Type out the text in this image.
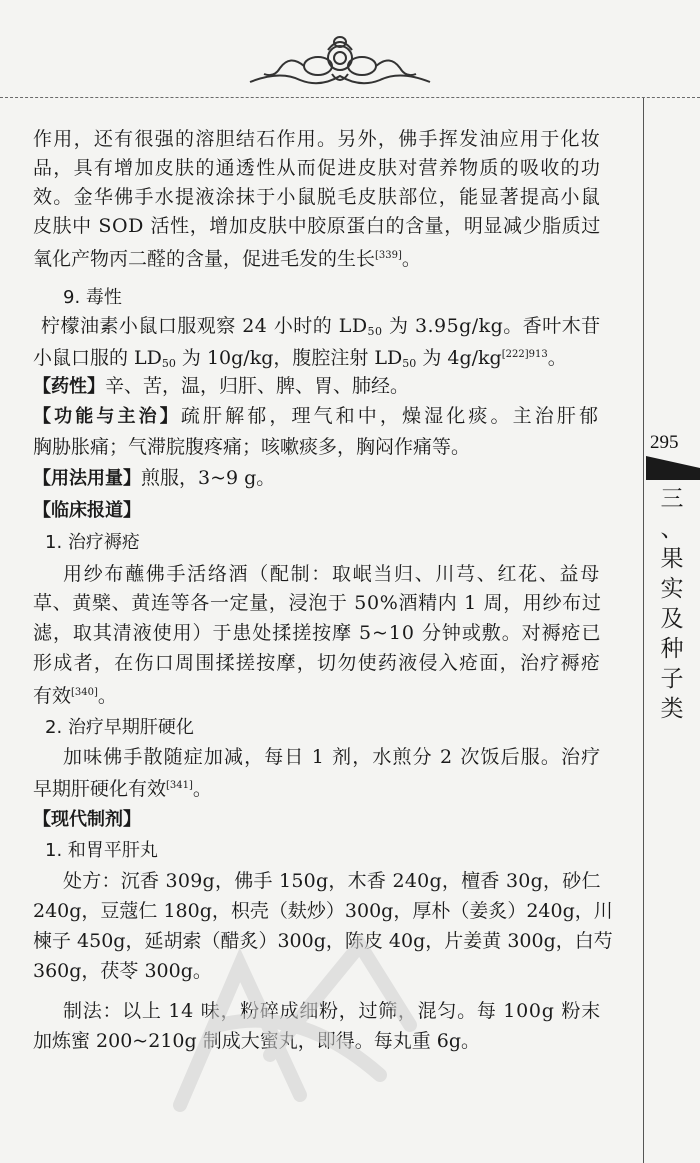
295
三
、
果
实
及
种
子
类
作用，还有很强的溶胆结石作用。另外，佛手挥发油应用于化妆
品，具有增加皮肤的通透性从而促进皮肤对营养物质的吸收的功
效。金华佛手水提液涂抹于小鼠脱毛皮肤部位，能显著提高小鼠
皮肤中 SOD 活性，增加皮肤中胶原蛋白的含量，明显减少脂质过
氧化产物丙二醛的含量，促进毛发的生长[339]。
9. 毒性
柠檬油素小鼠口服观察 24 小时的 $LD_{50}$ 为 3.95g/kg。香叶木苷
小鼠口服的 $LD_{50}$ 为 10g/kg，腹腔注射 $LD_{50}$ 为 4g/kg$^{[222]913}$。
【药性】辛、苦，温，归肝、脾、胃、肺经。
【功能与主治】疏肝解郁，理气和中，燥湿化痰。主治肝郁
胸胁胀痛；气滞脘腹疼痛；咳嗽痰多，胸闷作痛等。
【用法用量】煎服，3~9 g。
【临床报道】
1. 治疗褥疮
用纱布蘸佛手活络酒（配制：取岷当归、川芎、红花、益母
草、黄檗、黄连等各一定量，浸泡于 50%酒精内 1 周，用纱布过
滤，取其清液使用）于患处揉搓按摩 5~10 分钟或敷。对褥疮已
形成者，在伤口周围揉搓按摩，切勿使药液侵入疮面，治疗褥疮
有效[340]。
2. 治疗早期肝硬化
加味佛手散随症加减，每日 1 剂，水煎分 2 次饭后服。治疗
早期肝硬化有效[341]。
【现代制剂】
1. 和胃平肝丸
处方：沉香 309g，佛手 150g，木香 240g，檀香 30g，砂仁
240g，豆蔻仁 180g，枳壳（麸炒）300g，厚朴（姜炙）240g，川
楝子 450g，延胡索（醋炙）300g，陈皮 40g，片姜黄 300g，白芍
360g，茯苓 300g。
制法：以上 14 味，粉碎成细粉，过筛，混匀。每 100g 粉末
加炼蜜 200~210g 制成大蜜丸，即得。每丸重 6g。
